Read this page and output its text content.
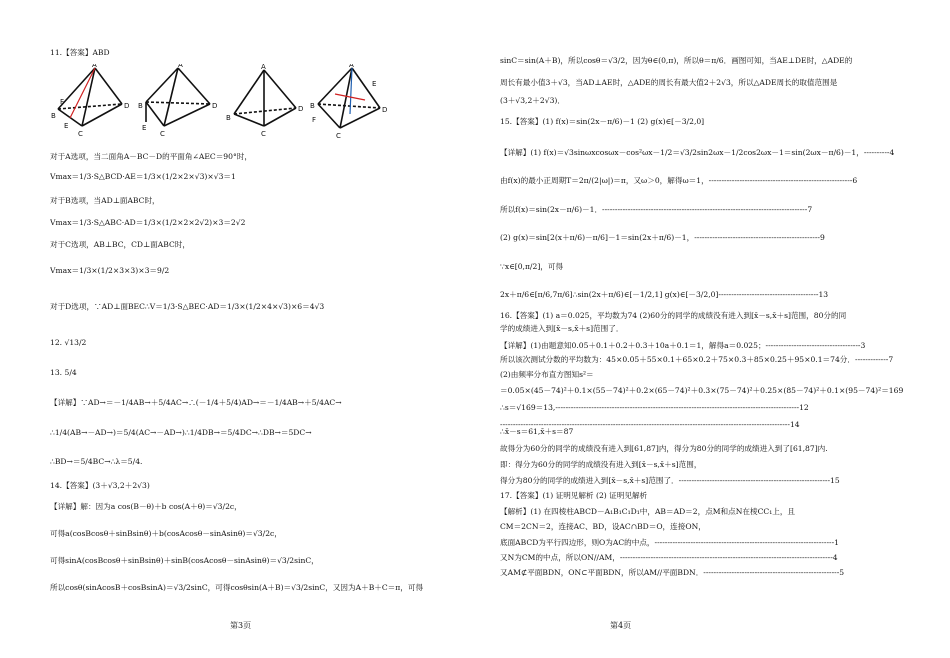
11.【答案】ABD
A
B
C
D
E
F
A
B
C
D
E
A
B
C
D
A
B
C
D
E
F
对于A选项，当二面角A－BC－D的平面角∠AEC＝90°时，
Vmax＝1/3·S△BCD·AE＝1/3×(1/2×2×√3)×√3＝1
对于B选项，当AD⊥面ABC时，
Vmax＝1/3·S△ABC·AD＝1/3×(1/2×2×2√2)×3＝2√2
对于C选项，AB⊥BC，CD⊥面ABC时，
Vmax＝1/3×(1/2×3×3)×3＝9/2
对于D选项，∵AD⊥面BEC∴V＝1/3·S△BEC·AD＝1/3×(1/2×4×√3)×6＝4√3
12. √13/2
13. 5/4
【详解】∵AD→＝－1/4AB→＋5/4AC→∴(－1/4＋5/4)AD→＝－1/4AB→＋5/4AC→
∴1/4(AB→－AD→)＝5/4(AC→－AD→)∴1/4DB→＝5/4DC→∴DB→＝5DC→
∴BD→＝5/4BC→∴λ＝5/4.
14.【答案】(3＋√3,2＋2√3)
【详解】解：因为a cos(B－θ)＋b cos(A＋θ)＝√3/2c，
可得a(cosBcosθ＋sinBsinθ)＋b(cosAcosθ－sinAsinθ)＝√3/2c，
可得sinA(cosBcosθ＋sinBsinθ)＋sinB(cosAcosθ－sinAsinθ)＝√3/2sinC，
所以cosθ(sinAcosB＋cosBsinA)＝√3/2sinC，可得cosθsin(A＋B)＝√3/2sinC，又因为A＋B＋C＝π，可得
第3页
sinC＝sin(A＋B)，所以cosθ＝√3/2，因为θ∈(0,π)，所以θ＝π/6．画图可知，当AE⊥DE时，△ADE的
周长有最小值3＋√3，当AD⊥AE时，△ADE的周长有最大值2＋2√3，所以△ADE周长的取值范围是
(3＋√3,2＋2√3)．
15.【答案】(1) f(x)＝sin(2x－π/6)－1 (2) g(x)∈[－3/2,0]
【详解】(1) f(x)＝√3sinωxcosωx－cos²ωx－1/2＝√3/2sin2ωx－1/2cos2ωx－1＝sin(2ωx－π/6)－1，----------4
由f(x)的最小正周期T＝2π/(2|ω|)＝π，又ω＞0，解得ω＝1，--------------------------------------------------------6
所以f(x)＝sin(2x－π/6)－1．--------------------------------------------------------------------------------7
(2) g(x)＝sin[2(x＋π/6)－π/6]－1＝sin(2x＋π/6)－1，-------------------------------------------------9
∵x∈[0,π/2]，可得
2x＋π/6∈[π/6,7π/6]∴sin(2x＋π/6)∈[－1/2,1] g(x)∈[－3/2,0]---------------------------------------13
16.【答案】(1) a＝0.025，平均数为74 (2)60分的同学的成绩没有进入到[x̄－s,x̄＋s]范围，80分的同
学的成绩进入到[x̄－s,x̄＋s]范围了．
【详解】(1)由题意知0.05＋0.1＋0.2＋0.3＋10a＋0.1＝1，解得a＝0.025；-------------------------------------3
所以该次测试分数的平均数为：45×0.05＋55×0.1＋65×0.2＋75×0.3＋85×0.25＋95×0.1＝74分．-------------7
(2)由频率分布直方图知s²＝
＝0.05×(45－74)²＋0.1×(55－74)²＋0.2×(65－74)²＋0.3×(75－74)²＋0.25×(85－74)²＋0.1×(95－74)²＝169
∴s＝√169＝13,-----------------------------------------------------------------------------------------------12
-----------------------------------------------------------------------------------------------------------------14
∴x̄－s＝61,x̄＋s＝87
故得分为60分的同学的成绩没有进入到[61,87]内，得分为80分的同学的成绩进入到了[61,87]内.
即：得分为60分的同学的成绩没有进入到[x̄－s,x̄＋s]范围，
得分为80分的同学的成绩进入到[x̄－s,x̄＋s]范围了．-----------------------------------------------------------15
17.【答案】(1) 证明见解析 (2) 证明见解析
【解析】(1) 在四棱柱ABCD－A₁B₁C₁D₁中，AB＝AD＝2，点M和点N在棱CC₁上，且
CM＝2CN＝2，连接AC、BD，设AC∩BD＝O，连接ON，
底面ABCD为平行四边形，则O为AC的中点，----------------------------------------------------------------------1
又N为CM的中点，所以ON//AM，-----------------------------------------------------------------------------------4
又AM⊄平面BDN，ON⊂平面BDN，所以AM//平面BDN．-----------------------------------------------------5
第4页
